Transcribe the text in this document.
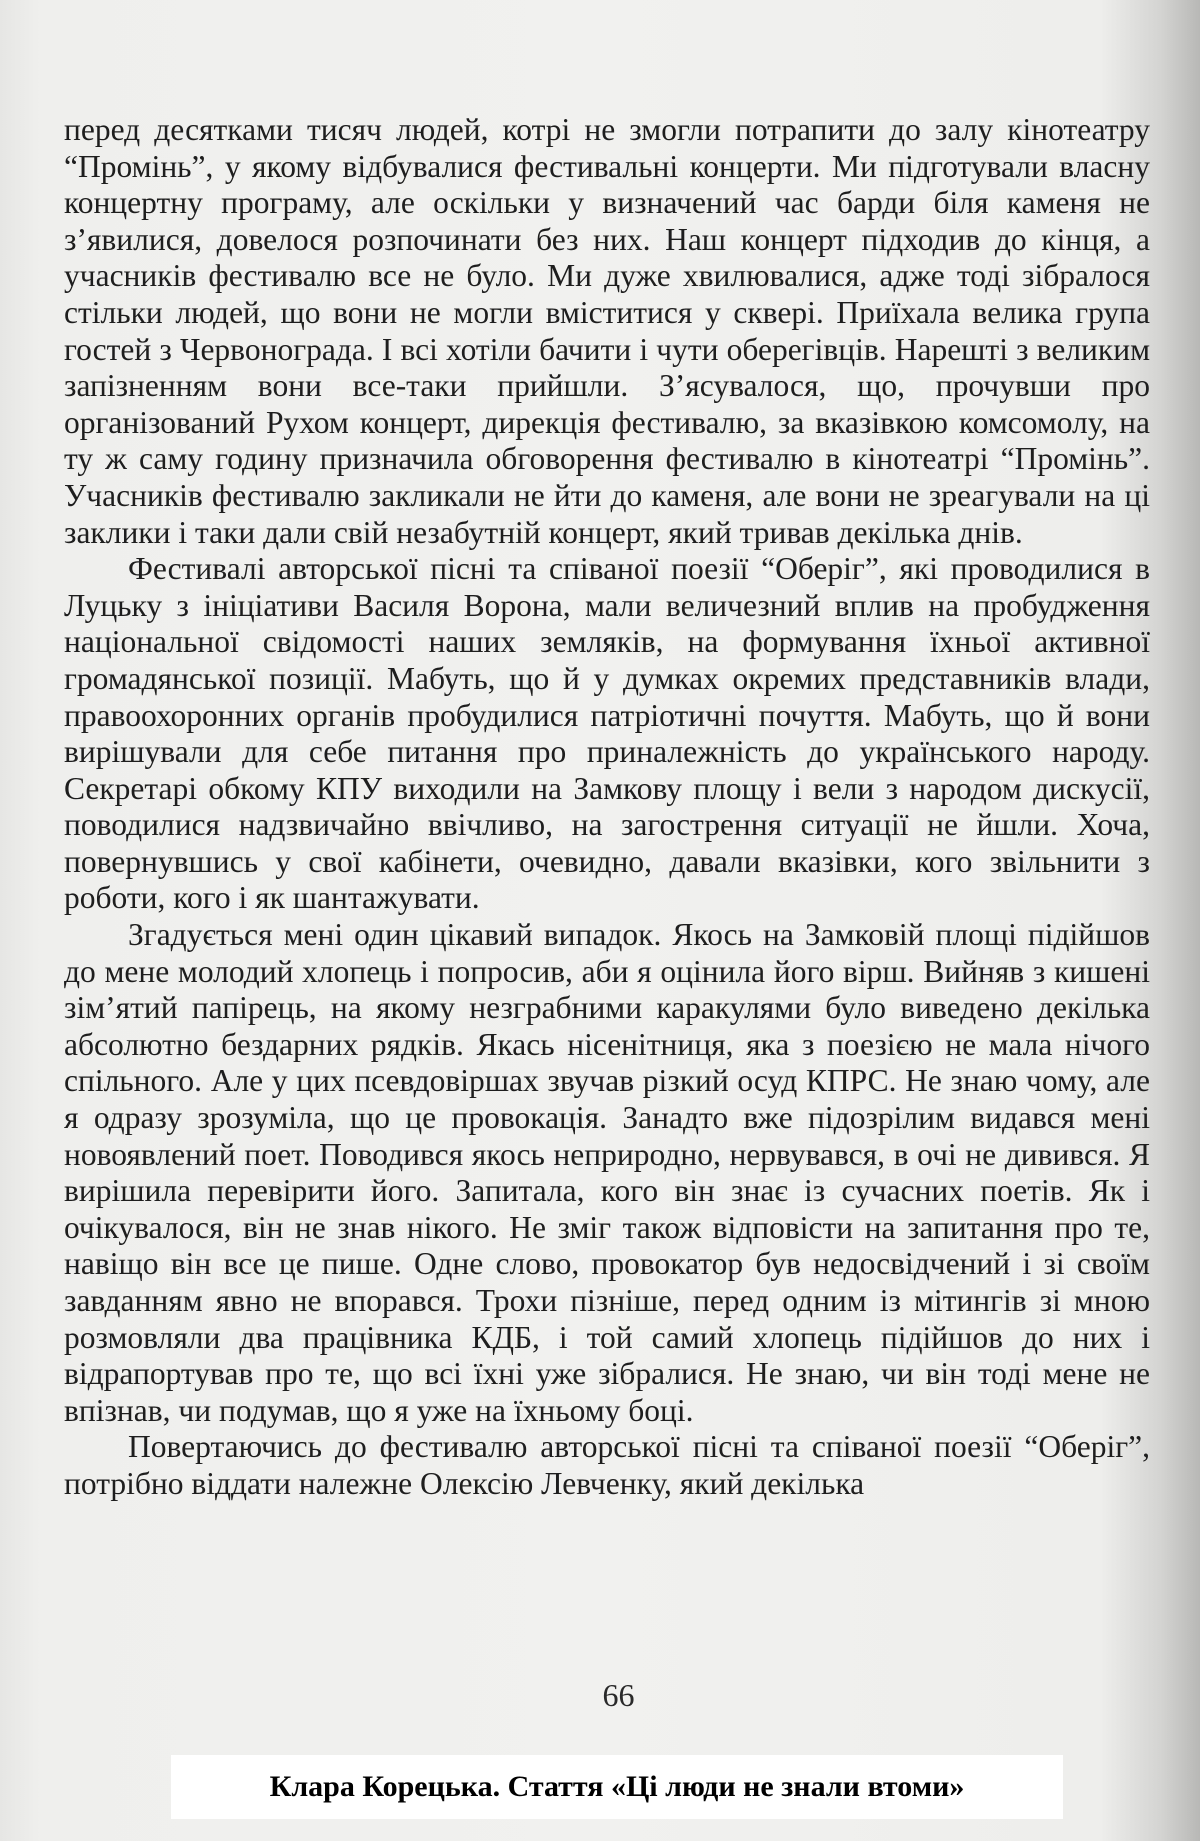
перед десятками тисяч людей, котрі не змогли потрапити до залу кінотеатру “Промінь”, у якому відбувалися фестивальні концерти. Ми підготували власну концертну програму, але оскільки у визначений час барди біля каменя не з’явилися, довелося розпочинати без них. Наш концерт підходив до кінця, а учасників фестивалю все не було. Ми дуже хвилювалися, адже тоді зібралося стільки людей, що вони не могли вміститися у сквері. Приїхала велика група гостей з Червонограда. І всі хотіли бачити і чути оберегівців. Нарешті з великим запізненням вони все-таки прийшли. З’ясувалося, що, прочувши про організований Рухом концерт, дирекція фестивалю, за вказівкою комсомолу, на ту ж саму годину призначила обговорення фестивалю в кінотеатрі “Промінь”. Учасників фестивалю закликали не йти до каменя, але вони не зреагували на ці заклики і таки дали свій незабутній концерт, який тривав декілька днів.

Фестивалі авторської пісні та співаної поезії “Оберіг”, які проводилися в Луцьку з ініціативи Василя Ворона, мали величезний вплив на пробудження національної свідомості наших земляків, на формування їхньої активної громадянської позиції. Мабуть, що й у думках окремих представників влади, правоохоронних органів пробудилися патріотичні почуття. Мабуть, що й вони вирішували для себе питання про приналежність до українського народу. Секретарі обкому КПУ виходили на Замкову площу і вели з народом дискусії, поводилися надзвичайно ввічливо, на загострення ситуації не йшли. Хоча, повернувшись у свої кабінети, очевидно, давали вказівки, кого звільнити з роботи, кого і як шантажувати.

Згадується мені один цікавий випадок. Якось на Замковій площі підійшов до мене молодий хлопець і попросив, аби я оцінила його вірш. Вийняв з кишені зім’ятий папірець, на якому незграбними каракулями було виведено декілька абсолютно бездарних рядків. Якась нісенітниця, яка з поезією не мала нічого спільного. Але у цих псевдовіршах звучав різкий осуд КПРС. Не знаю чому, але я одразу зрозуміла, що це провокація. Занадто вже підозрілим видався мені новоявлений поет. Поводився якось неприродно, нервувався, в очі не дивився. Я вирішила перевірити його. Запитала, кого він знає із сучасних поетів. Як і очікувалося, він не знав нікого. Не зміг також відповісти на запитання про те, навіщо він все це пише. Одне слово, провокатор був недосвідчений і зі своїм завданням явно не впорався. Трохи пізніше, перед одним із мітингів зі мною розмовляли два працівника КДБ, і той самий хлопець підійшов до них і відрапортував про те, що всі їхні уже зібралися. Не знаю, чи він тоді мене не впізнав, чи подумав, що я уже на їхньому боці.

Повертаючись до фестивалю авторської пісні та співаної поезії “Оберіг”, потрібно віддати належне Олексію Левченку, який декілька

66
Клара Корецька. Стаття «Ці люди не знали втоми»
